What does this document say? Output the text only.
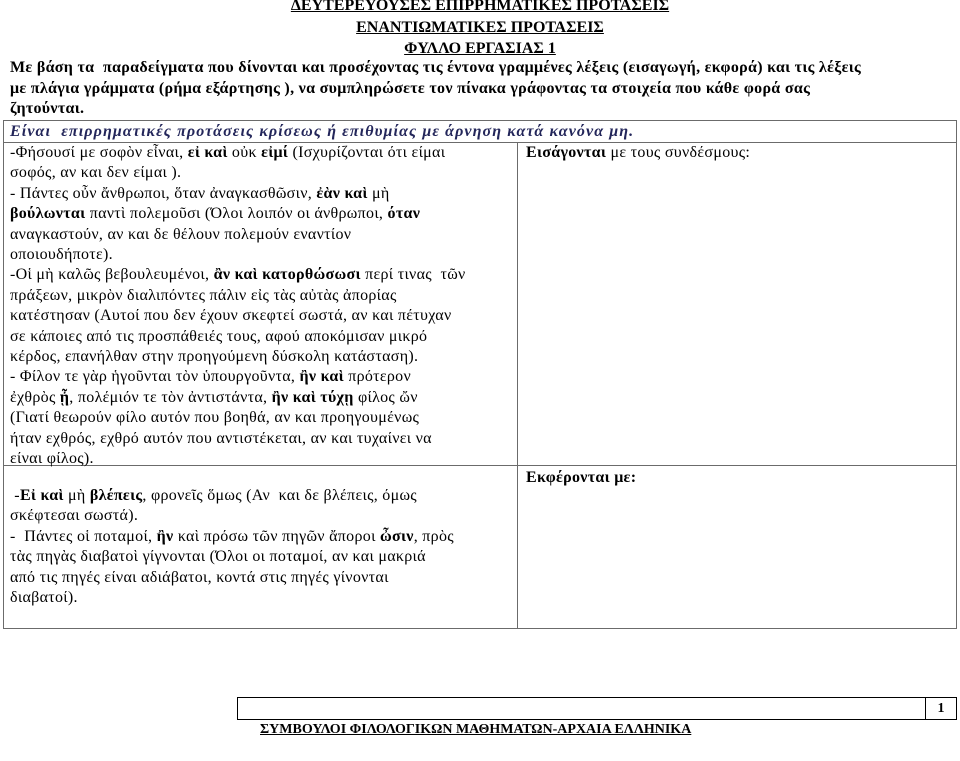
ΔΕΥΤΕΡΕΥΟΥΣΕΣ ΕΠΙΡΡΗΜΑΤΙΚΕΣ ΠΡΟΤΑΣΕΙΣ
ΕΝΑΝΤΙΩΜΑΤΙΚΕΣ ΠΡΟΤΑΣΕΙΣ
ΦΥΛΛΟ ΕΡΓΑΣΙΑΣ 1
Με βάση τα  παραδείγματα που δίνονται και προσέχοντας τις έντονα γραμμένες λέξεις (εισαγωγή, εκφορά) και τις λέξεις
με πλάγια γράμματα (ρήμα εξάρτησης ), να συμπληρώσετε τον πίνακα γράφοντας τα στοιχεία που κάθε φορά σας
ζητούνται.
Είναι  επιρρηματικές προτάσεις κρίσεως ή επιθυμίας με άρνηση κατά κανόνα μη.
-Φήσουσί με σοφὸν εἶναι, εἰ καὶ οὐκ εἰμί (Ισχυρίζονται ότι είμαι
σοφός, αν και δεν είμαι ).
- Πάντες οὖν ἄνθρωποι, ὅταν ἀναγκασθῶσιν, ἐὰν καὶ μὴ
βούλωνται παντὶ πολεμοῦσι (Όλοι λοιπόν οι άνθρωποι, όταν
αναγκαστούν, αν και δε θέλουν πολεμούν εναντίον
οποιουδήποτε).
-Οἱ μὴ καλῶς βεβουλευμένοι, ἂν καὶ κατορθώσωσι περί τινας  τῶν
πράξεων, μικρὸν διαλιπόντες πάλιν εἰς τὰς αὐτὰς ἀπορίας
κατέστησαν (Αυτοί που δεν έχουν σκεφτεί σωστά, αν και πέτυχαν
σε κάποιες από τις προσπάθειές τους, αφού αποκόμισαν μικρό
κέρδος, επανήλθαν στην προηγούμενη δύσκολη κατάσταση).
- Φίλον τε γὰρ ἡγοῦνται τὸν ὑπουργοῦντα, ἢν καὶ πρότερον
ἐχθρὸς ᾖ, πολέμιόν τε τὸν ἀντιστάντα, ἢν καὶ τύχῃ φίλος ὤν
(Γιατί θεωρούν φίλο αυτόν που βοηθά, αν και προηγουμένως
ήταν εχθρός, εχθρό αυτόν που αντιστέκεται, αν και τυχαίνει να
είναι φίλος).
Εισάγονται με τους συνδέσμους:
-Εἰ καὶ μὴ βλέπεις, φρονεῖς ὅμως (Αν  και δε βλέπεις, όμως
σκέφτεσαι σωστά).
-  Πάντες οἱ ποταμοί, ἢν καὶ πρόσω τῶν πηγῶν ἄποροι ὦσιν, πρὸς
τὰς πηγὰς διαβατοὶ γίγνονται (Όλοι οι ποταμοί, αν και μακριά
από τις πηγές είναι αδιάβατοι, κοντά στις πηγές γίνονται
διαβατοί).
Εκφέρονται με:

ΣΥΜΒΟΥΛΟΙ ΦΙΛΟΛΟΓΙΚΩΝ ΜΑΘΗΜΑΤΩΝ-ΑΡΧΑΙΑ ΕΛΛΗΝΙΚΑ

1
